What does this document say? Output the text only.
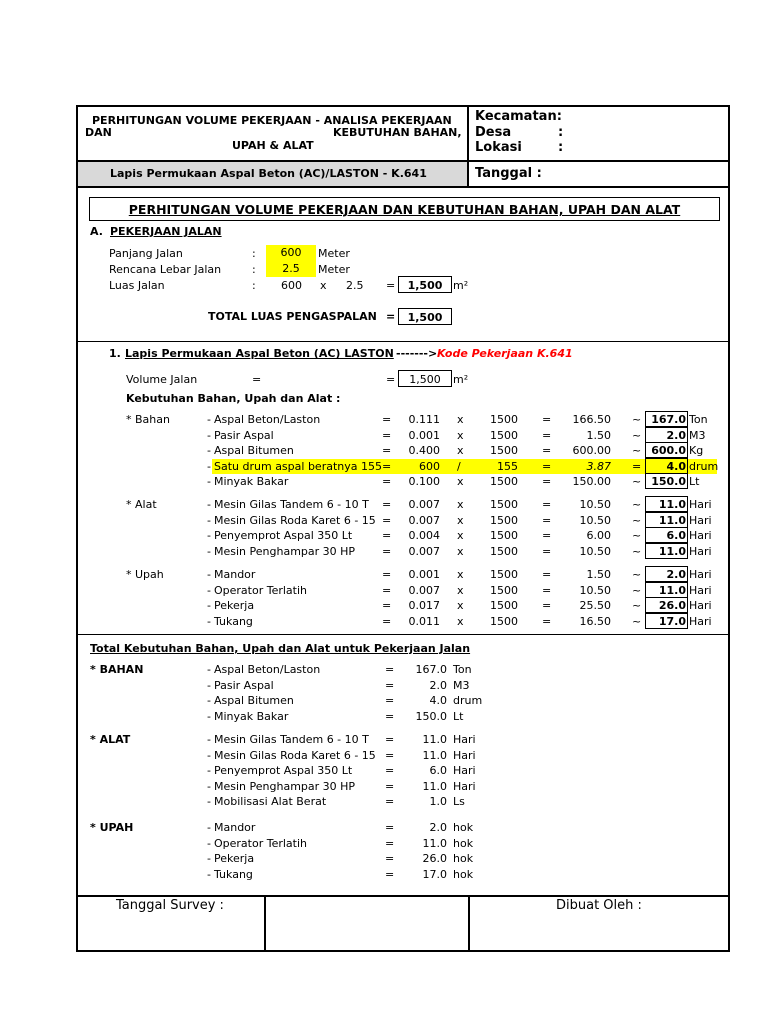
PERHITUNGAN VOLUME PEKERJAAN - ANALISA PEKERJAAN
DAN	KEBUTUHAN BAHAN,
UPAH & ALAT
Kecamatan:
Desa	:
Lokasi	:
Lapis Permukaan Aspal Beton (AC)/LASTON - K.641	Tanggal :
PERHITUNGAN VOLUME PEKERJAAN DAN KEBUTUHAN BAHAN, UPAH DAN ALAT
A. PEKERJAAN JALAN
Panjang Jalan	:	600	Meter
Rencana Lebar Jalan	:	2.5	Meter
Luas Jalan	: 600 x 2.5 =	1,500 m²
TOTAL LUAS PENGASPALAN =	1,500
1. Lapis Permukaan Aspal Beton (AC) LASTON -------> Kode Pekerjaan K.641
Volume Jalan	=	=	1,500	m²
Kebutuhan Bahan, Upah dan Alat :
* Bahan	- Aspal Beton/Laston	=	0.111 x	1500 =	166.50 ~ 167.0 Ton
- Pasir Aspal	=	0.001 x	1500 =	1.50 ~	2.0 M3
- Aspal Bitumen	=	0.400 x	1500 =	600.00 ~ 600.0 Kg
- Satu drum aspal beratnya 155 =	600 /	155 =	3.87 =	4.0 drum
- Minyak Bakar	=	0.100 x	1500 =	150.00 ~ 150.0 Lt
* Alat	- Mesin Gilas Tandem 6 - 10 T =	0.007 x	1500 =	10.50 ~	11.0 Hari
- Mesin Gilas Roda Karet 6 - 15 =	0.007 x	1500 =	10.50 ~	11.0 Hari
- Penyemprot Aspal 350 Lt	=	0.004 x	1500 =	6.00 ~	6.0 Hari
- Mesin Penghampar 30 HP =	0.007 x	1500 =	10.50 ~	11.0 Hari
* Upah	- Mandor	=	0.001 x	1500 =	1.50 ~	2.0 Hari
- Operator Terlatih	=	0.007 x	1500 =	10.50 ~	11.0 Hari
- Pekerja	=	0.017 x	1500 =	25.50 ~	26.0 Hari
- Tukang	=	0.011 x	1500 =	16.50 ~	17.0 Hari
Total Kebutuhan Bahan, Upah dan Alat untuk Pekerjaan Jalan
* BAHAN	- Aspal Beton/Laston	=	167.0 Ton
- Pasir Aspal	=	2.0 M3
- Aspal Bitumen	=	4.0 drum
- Minyak Bakar	=	150.0 Lt
* ALAT	- Mesin Gilas Tandem 6 - 10 T =	11.0 Hari
- Mesin Gilas Roda Karet 6 - 15 =	11.0 Hari
- Penyemprot Aspal 350 Lt	=	6.0 Hari
- Mesin Penghampar 30 HP	=	11.0 Hari
- Mobilisasi Alat Berat	=	1.0 Ls
* UPAH	- Mandor	=	2.0 hok
- Operator Terlatih	=	11.0 hok
- Pekerja	=	26.0 hok
- Tukang	=	17.0 hok
Tanggal Survey :	Dibuat Oleh :
